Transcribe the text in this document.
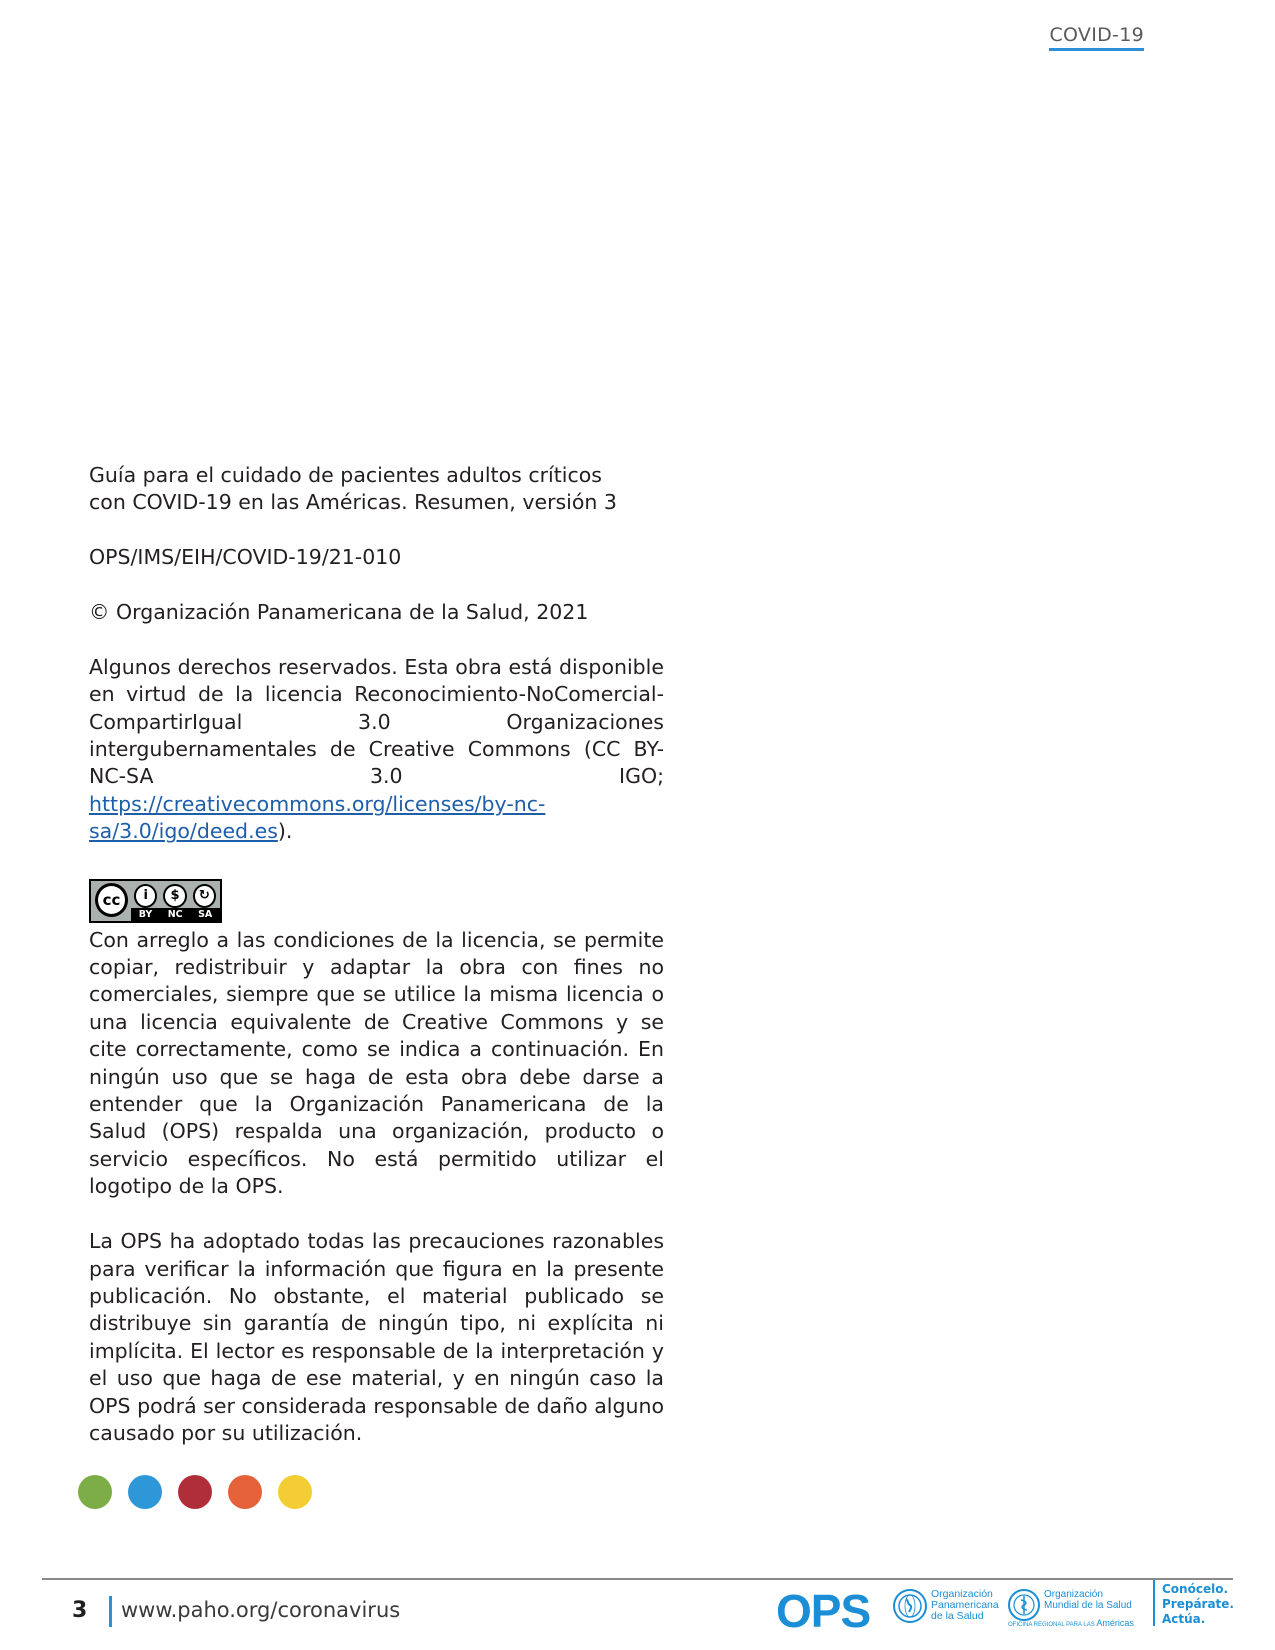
COVID-19

Guía para el cuidado de pacientes adultos críticos
con COVID-19 en las Américas. Resumen, versión 3

OPS/IMS/EIH/COVID-19/21-010

© Organización Panamericana de la Salud, 2021

Algunos derechos reservados. Esta obra está disponible en virtud de la licencia Reconocimiento-NoComercial-CompartirIgual 3.0 Organizaciones intergubernamentales de Creative Commons (CC BY-NC-SA 3.0 IGO; https://creativecommons.org/licenses/by-nc-sa/3.0/igo/deed.es).

cc	i	$	↻
BY NC SA

Con arreglo a las condiciones de la licencia, se permite copiar, redistribuir y adaptar la obra con fines no comerciales, siempre que se utilice la misma licencia o una licencia equivalente de Creative Commons y se cite correctamente, como se indica a continuación. En ningún uso que se haga de esta obra debe darse a entender que la Organización Panamericana de la Salud (OPS) respalda una organización, producto o servicio específicos. No está permitido utilizar el logotipo de la OPS.

La OPS ha adoptado todas las precauciones razonables para verificar la información que figura en la presente publicación. No obstante, el material publicado se distribuye sin garantía de ningún tipo, ni explícita ni implícita. El lector es responsable de la interpretación y el uso que haga de ese material, y en ningún caso la OPS podrá ser considerada responsable de daño alguno causado por su utilización.

3 www.paho.org/coronavirus	OPS	Organización
Panamericana
de la Salud
Organización
Mundial de la Salud
OFICINA REGIONAL PARA LAS Américas
Conócelo.
Prepárate.
Actúa.
